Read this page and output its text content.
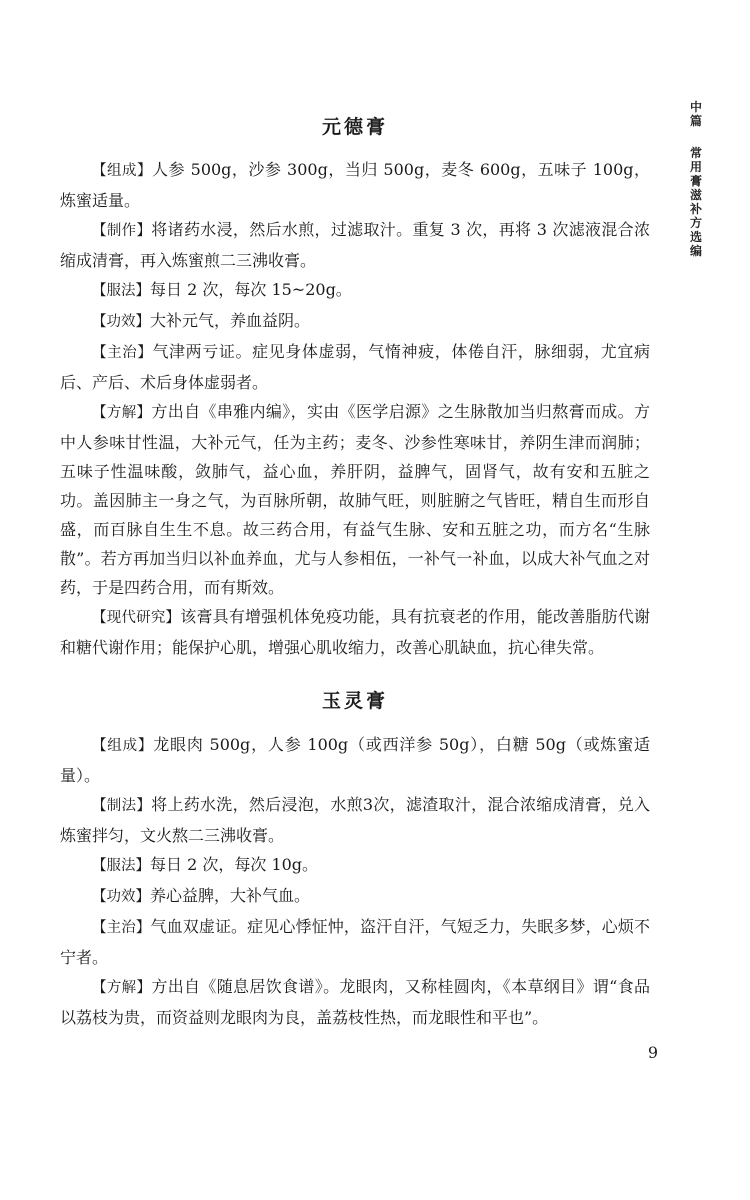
中篇
常用膏滋补方选编
元德膏

【组成】人参 500g，沙参 300g，当归 500g，麦冬 600g，五味子 100g，炼蜜适量。

【制作】将诸药水浸，然后水煎，过滤取汁。重复 3 次，再将 3 次滤液混合浓缩成清膏，再入炼蜜煎二三沸收膏。

【服法】每日 2 次，每次 15~20g。

【功效】大补元气，养血益阴。

【主治】气津两亏证。症见身体虚弱，气惰神疲，体倦自汗，脉细弱，尤宜病后、产后、术后身体虚弱者。

【方解】方出自《串雅内编》，实由《医学启源》之生脉散加当归熬膏而成。方中人参味甘性温，大补元气，任为主药；麦冬、沙参性寒味甘，养阴生津而润肺；五味子性温味酸，敛肺气，益心血，养肝阴，益脾气，固肾气，故有安和五脏之功。盖因肺主一身之气，为百脉所朝，故肺气旺，则脏腑之气皆旺，精自生而形自盛，而百脉自生生不息。故三药合用，有益气生脉、安和五脏之功，而方名“生脉散”。若方再加当归以补血养血，尤与人参相伍，一补气一补血，以成大补气血之对药，于是四药合用，而有斯效。

【现代研究】该膏具有增强机体免疫功能，具有抗衰老的作用，能改善脂肪代谢和糖代谢作用；能保护心肌，增强心肌收缩力，改善心肌缺血，抗心律失常。

玉灵膏

【组成】龙眼肉 500g，人参 100g（或西洋参 50g），白糖 50g（或炼蜜适量）。

【制法】将上药水洗，然后浸泡，水煎3次，滤渣取汁，混合浓缩成清膏，兑入炼蜜拌匀，文火熬二三沸收膏。

【服法】每日 2 次，每次 10g。

【功效】养心益脾，大补气血。

【主治】气血双虚证。症见心悸怔忡，盗汗自汗，气短乏力，失眠多梦，心烦不宁者。

【方解】方出自《随息居饮食谱》。龙眼肉，又称桂圆肉，《本草纲目》谓“食品以荔枝为贵，而资益则龙眼肉为良，盖荔枝性热，而龙眼性和平也”。

9
